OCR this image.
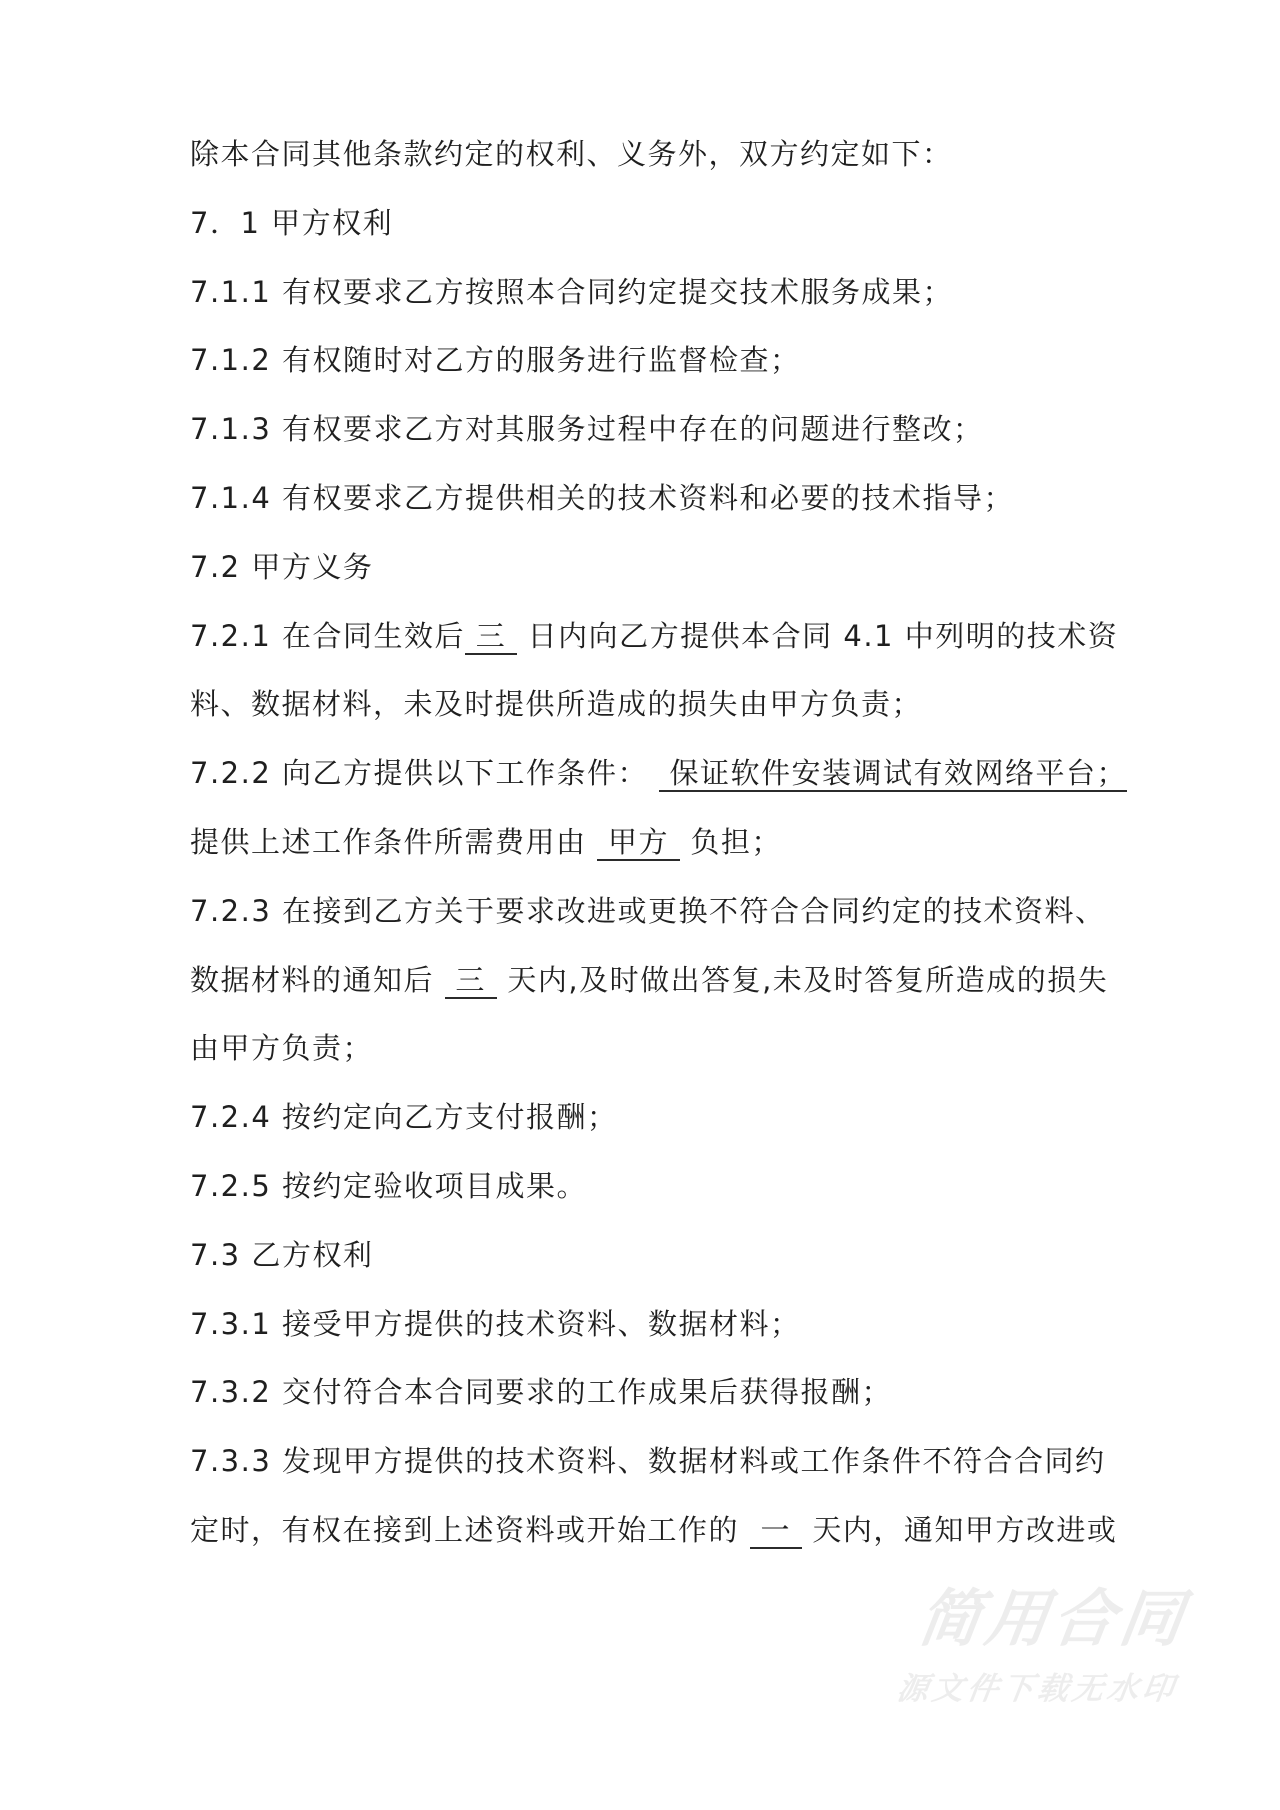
除本合同其他条款约定的权利、义务外，双方约定如下：
7．1 甲方权利
7.1.1 有权要求乙方按照本合同约定提交技术服务成果；
7.1.2 有权随时对乙方的服务进行监督检查；
7.1.3 有权要求乙方对其服务过程中存在的问题进行整改；
7.1.4 有权要求乙方提供相关的技术资料和必要的技术指导；
7.2 甲方义务
7.2.1 在合同生效后 三  日内向乙方提供本合同 4.1 中列明的技术资
料、数据材料，未及时提供所造成的损失由甲方负责；
7.2.2 向乙方提供以下工作条件：  保证软件安装调试有效网络平台；
提供上述工作条件所需费用由  甲方  负担；
7.2.3 在接到乙方关于要求改进或更换不符合合同约定的技术资料、
数据材料的通知后  三  天内,及时做出答复,未及时答复所造成的损失
由甲方负责；
7.2.4 按约定向乙方支付报酬；
7.2.5 按约定验收项目成果。
7.3 乙方权利
7.3.1 接受甲方提供的技术资料、数据材料；
7.3.2 交付符合本合同要求的工作成果后获得报酬；
7.3.3 发现甲方提供的技术资料、数据材料或工作条件不符合合同约
定时，有权在接到上述资料或开始工作的  一  天内，通知甲方改进或
简用合同
源文件下载无水印
